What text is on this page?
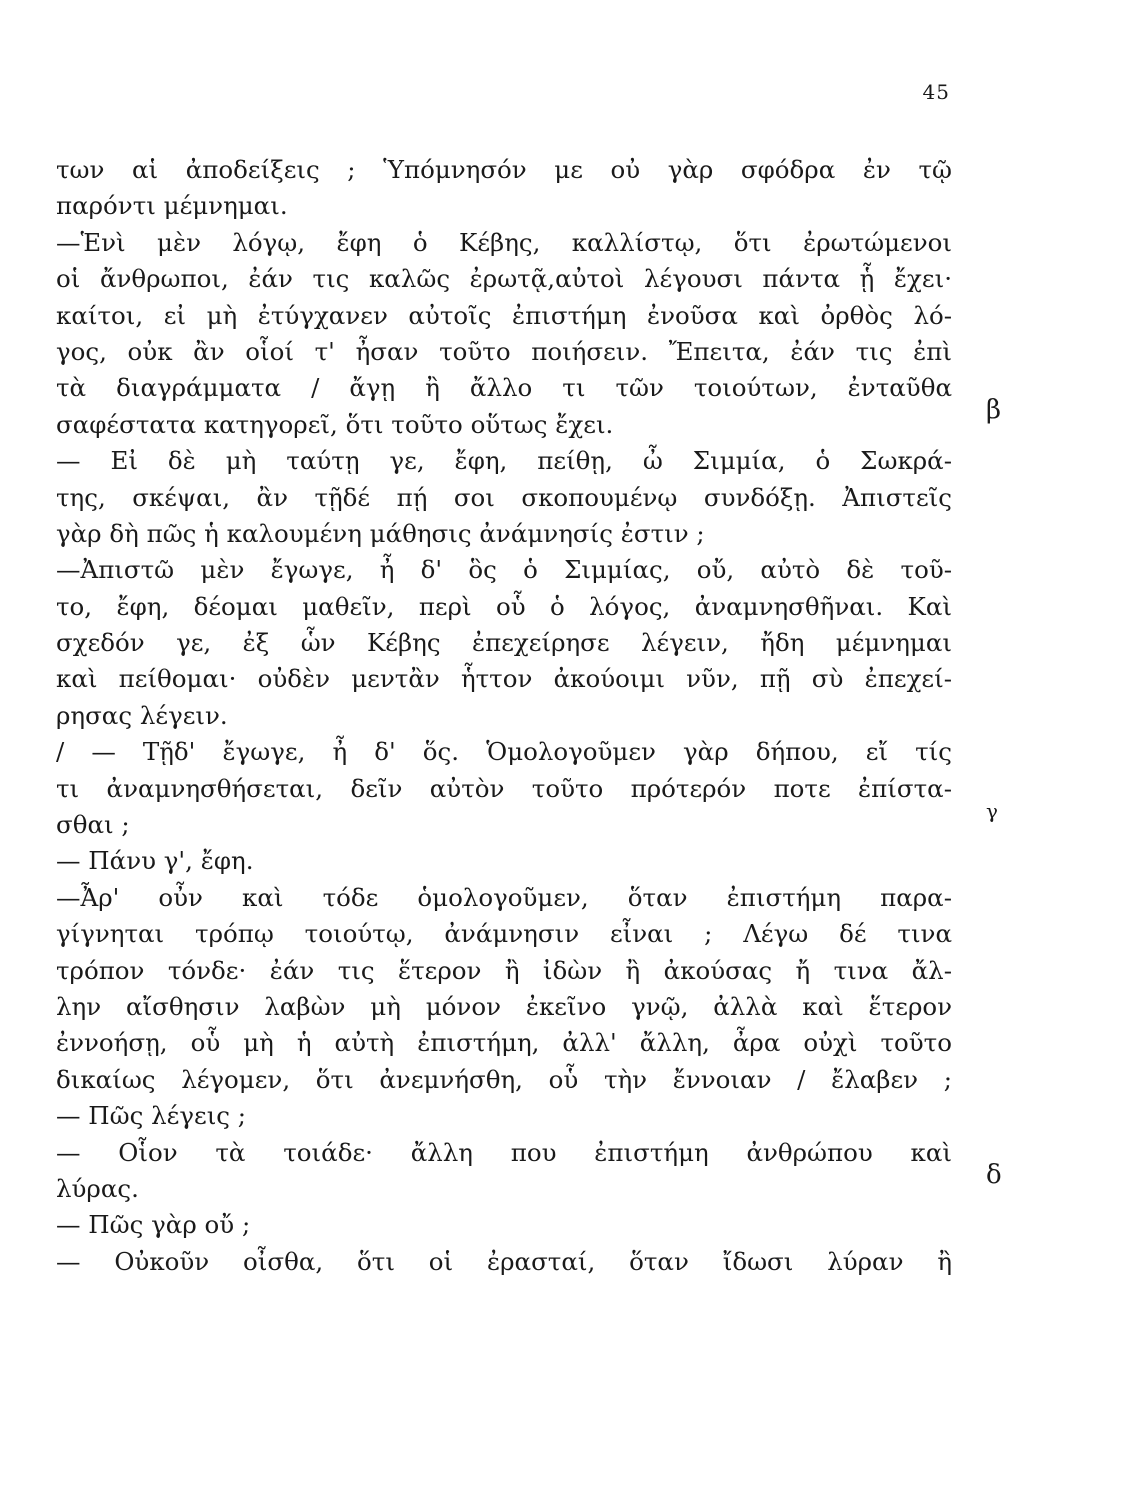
45
των αἱ ἀποδείξεις ; Ὑπόμνησόν με οὐ γὰρ σφόδρα ἐν τῷ
παρόντι μέμνημαι.
—Ἑνὶ μὲν λόγῳ, ἔφη ὁ Κέβης, καλλίστῳ, ὅτι ἐρωτώμενοι
οἱ ἄνθρωποι, ἐάν τις καλῶς ἐρωτᾷ,αὐτοὶ λέγουσι πάντα ᾗ ἔχει·
καίτοι, εἰ μὴ ἐτύγχανεν αὐτοῖς ἐπιστήμη ἐνοῦσα καὶ ὀρθὸς λό-
γος, οὐκ ἂν οἷοί τ' ἦσαν τοῦτο ποιήσειν. Ἔπειτα, ἐάν τις ἐπὶ
τὰ διαγράμματα / ἄγῃ ἢ ἄλλο τι τῶν τοιούτων, ἐνταῦθα
σαφέστατα κατηγορεῖ, ὅτι τοῦτο οὕτως ἔχει.
— Εἰ δὲ μὴ ταύτῃ γε, ἔφη, πείθῃ, ὦ Σιμμία, ὁ Σωκρά-
της, σκέψαι, ἂν τῇδέ πῄ σοι σκοπουμένῳ συνδόξῃ. Ἀπιστεῖς
γὰρ δὴ πῶς ἡ καλουμένη μάθησις ἀνάμνησίς ἐστιν ;
—Ἀπιστῶ μὲν ἔγωγε, ἦ δ' ὃς ὁ Σιμμίας, οὔ, αὐτὸ δὲ τοῦ-
το, ἔφη, δέομαι μαθεῖν, περὶ οὗ ὁ λόγος, ἀναμνησθῆναι. Καὶ
σχεδόν γε, ἐξ ὧν Κέβης ἐπεχείρησε λέγειν, ἤδη μέμνημαι
καὶ πείθομαι· οὐδὲν μεντἂν ἧττον ἀκούοιμι νῦν, πῇ σὺ ἐπεχεί-
ρησας λέγειν.
/ — Τῇδ' ἔγωγε, ἦ δ' ὅς. Ὁμολογοῦμεν γὰρ δήπου, εἴ τίς
τι ἀναμνησθήσεται, δεῖν αὐτὸν τοῦτο πρότερόν ποτε ἐπίστα-
σθαι ;
— Πάνυ γ', ἔφη.
—Ἆρ' οὖν καὶ τόδε ὁμολογοῦμεν, ὅταν ἐπιστήμη παρα-
γίγνηται τρόπῳ τοιούτῳ, ἀνάμνησιν εἶναι ; Λέγω δέ τινα
τρόπον τόνδε· ἐάν τις ἕτερον ἢ ἰδὼν ἢ ἀκούσας ἤ τινα ἄλ-
λην αἴσθησιν λαβὼν μὴ μόνον ἐκεῖνο γνῷ, ἀλλὰ καὶ ἕτερον
ἐννοήσῃ, οὗ μὴ ἡ αὐτὴ ἐπιστήμη, ἀλλ' ἄλλη, ἆρα οὐχὶ τοῦτο
δικαίως λέγομεν, ὅτι ἀνεμνήσθη, οὗ τὴν ἔννοιαν / ἔλαβεν ;
— Πῶς λέγεις ;
— Οἷον τὰ τοιάδε· ἄλλη που ἐπιστήμη ἀνθρώπου καὶ
λύρας.
— Πῶς γὰρ οὔ ;
— Οὐκοῦν οἶσθα, ὅτι οἱ ἐρασταί, ὅταν ἴδωσι λύραν ἢ
β
γ
δ
